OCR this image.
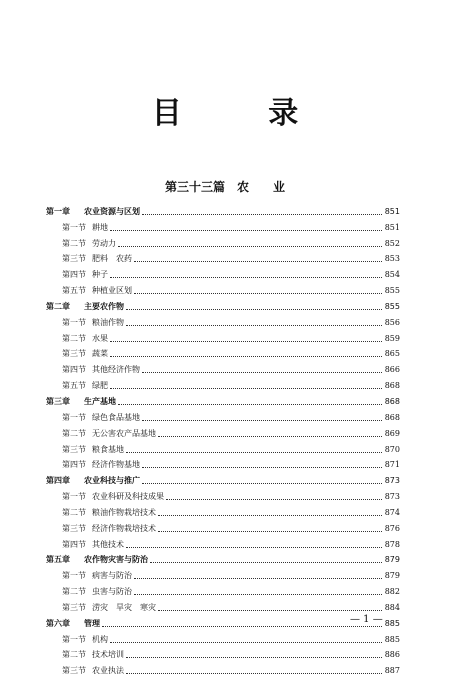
目 录
第三十三篇　农　　业
第一章	农业资源与区划	851
第一节 耕地	851
第二节 劳动力	852
第三节 肥料　农药	853
第四节 种子	854
第五节 种植业区划	855
第二章	主要农作物	855
第一节 粮油作物	856
第二节 水果	859
第三节 蔬菜	865
第四节 其他经济作物	866
第五节 绿肥	868
第三章	生产基地	868
第一节 绿色食品基地	868
第二节 无公害农产品基地	869
第三节 粮食基地	870
第四节 经济作物基地	871
第四章	农业科技与推广	873
第一节 农业科研及科技成果	873
第二节 粮油作物栽培技术	874
第三节 经济作物栽培技术	876
第四节 其他技术	878
第五章	农作物灾害与防治	879
第一节 病害与防治	879
第二节 虫害与防治	882
第三节 涝灾　旱灾　寒灾	884
第六章	管理	885
第一节 机构	885
第二节 技术培训	886
第三节 农业执法	887
— 1 —
